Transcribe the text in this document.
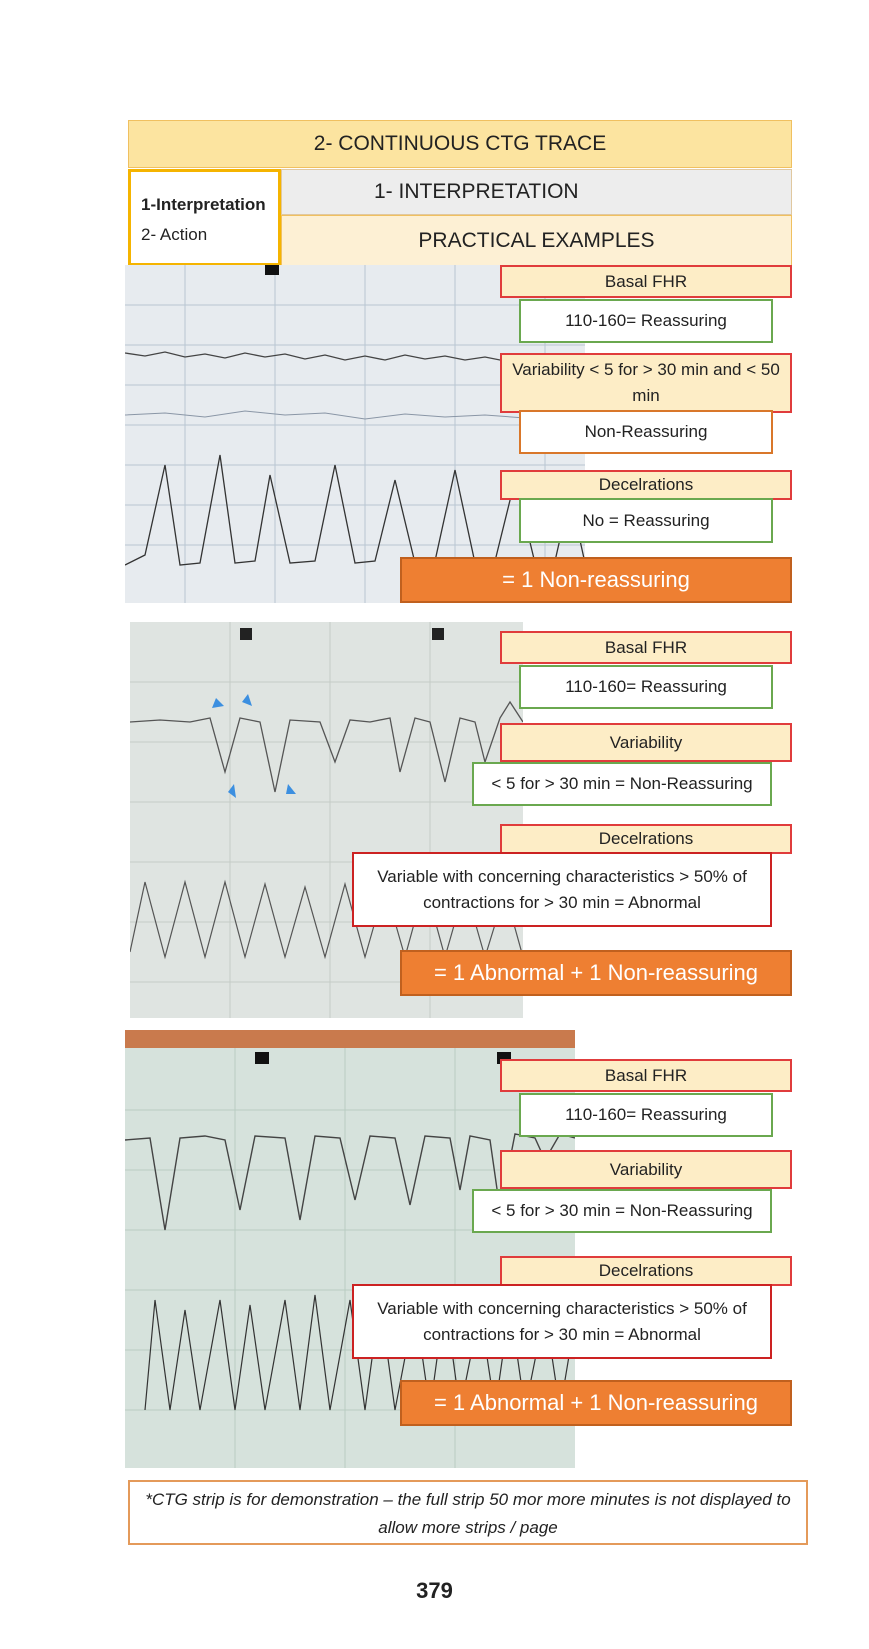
2- CONTINUOUS CTG TRACE
1-Interpretation
2- Action
1- INTERPRETATION
PRACTICAL EXAMPLES
Basal FHR
110-160= Reassuring
Variability < 5 for > 30 min and < 50 min
Non-Reassuring
Decelrations
No = Reassuring
= 1 Non-reassuring
Basal FHR
110-160= Reassuring
Variability
< 5 for > 30 min = Non-Reassuring
Decelrations
Variable with concerning characteristics > 50% of contractions for > 30 min = Abnormal
= 1 Abnormal + 1 Non-reassuring
Basal FHR
110-160= Reassuring
Variability
< 5 for > 30 min = Non-Reassuring
Decelrations
Variable with concerning characteristics > 50% of contractions for > 30 min = Abnormal
= 1 Abnormal + 1 Non-reassuring
*CTG strip is for demonstration – the full strip 50 mor more minutes is not displayed to allow more strips / page
379
